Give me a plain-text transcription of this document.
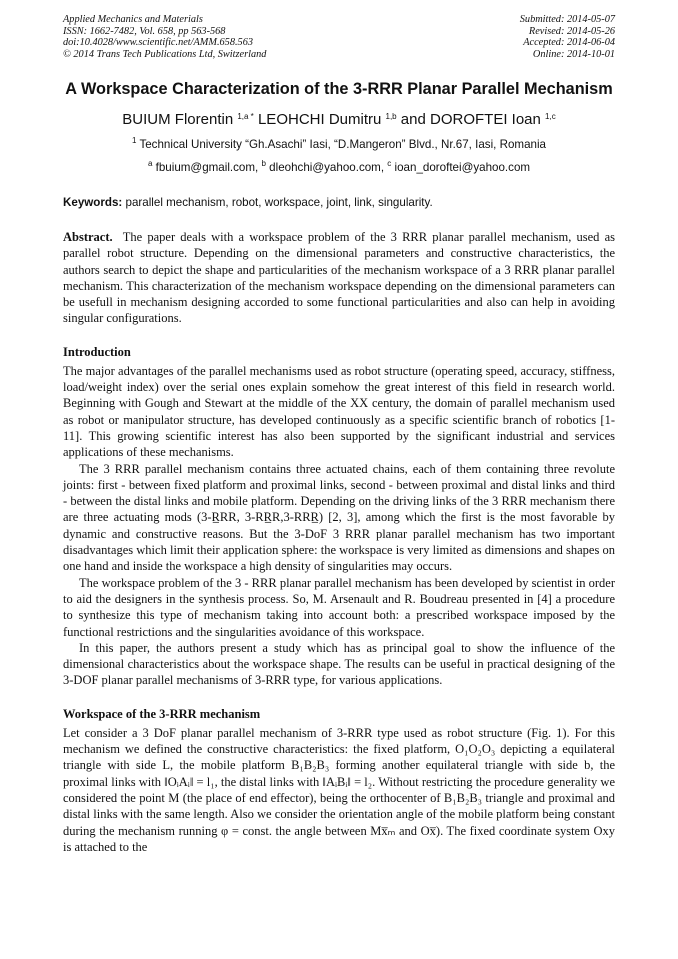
Applied Mechanics and Materials
ISSN: 1662-7482, Vol. 658, pp 563-568
doi:10.4028/www.scientific.net/AMM.658.563
© 2014 Trans Tech Publications Ltd, Switzerland
Submitted: 2014-05-07
Revised: 2014-05-26
Accepted: 2014-06-04
Online: 2014-10-01
A Workspace Characterization of the 3-RRR Planar Parallel Mechanism
BUIUM Florentin $^{1,a *}$ LEOHCHI Dumitru $^{1,b}$ and DOROFTEI Ioan $^{1,c}$
$^1$ Technical University “Gh.Asachi” Iasi, “D.Mangeron” Blvd., Nr.67, Iasi, Romania
$^a$ fbuium@gmail.com, $^b$ dleohchi@yahoo.com, $^c$ ioan_doroftei@yahoo.com
Keywords: parallel mechanism, robot, workspace, joint, link, singularity.

Abstract. The paper deals with a workspace problem of the 3 RRR planar parallel mechanism, used as parallel robot structure. Depending on the dimensional parameters and constructive characteristics, the authors search to depict the shape and particularities of the mechanism workspace of a 3 RRR planar parallel mechanism. This characterization of the mechanism workspace depending on the dimensional parameters can be usefull in mechanism designing accorded to some functional particularities and also can help in avoiding singular configurations.

Introduction

The major advantages of the parallel mechanisms used as robot structure (operating speed, accuracy, stiffness, load/weight index) over the serial ones explain somehow the great interest of this field in research world. Beginning with Gough and Stewart at the middle of the XX century, the domain of parallel mechanism used as robot or manipulator structure, has developed continuously as a specific scientific branch of robotics [1-11]. This growing scientific interest has also been supported by the significant industrial and services applications of these mechanisms.

The 3 RRR parallel mechanism contains three actuated chains, each of them containing three revolute joints: first - between fixed platform and proximal links, second - between proximal and distal links and third - between the distal links and mobile platform. Depending on the driving links of the 3 RRR mechanism there are three actuating mods (3-R̲RR, 3-RR̲R,3-RRR̲) [2, 3], among which the first is the most favorable by dynamic and constructive reasons. But the 3-DoF 3 RRR planar parallel mechanism has two important disadvantages which limit their application sphere: the workspace is very limited as dimensions and shapes on one hand and inside the workspace a high density of singularities may occurs.

The workspace problem of the 3 - RRR planar parallel mechanism has been developed by scientist in order to aid the designers in the synthesis process. So, M. Arsenault and R. Boudreau presented in [4] a procedure to synthesize this type of mechanism taking into account both: a prescribed workspace imposed by the functional restrictions and the singularities avoidance of this workspace.

In this paper, the authors present a study which has as principal goal to show the influence of the dimensional characteristics about the workspace shape. The results can be useful in practical designing of the 3-DOF planar parallel mechanisms of 3-RRR type, for various applications.

Workspace of the 3-RRR mechanism

Let consider a 3 DoF planar parallel mechanism of 3-RRR type used as robot structure (Fig. 1). For this mechanism we defined the constructive characteristics: the fixed platform, O₁O₂O₃ depicting a equilateral triangle with side L, the mobile platform B₁B₂B₃ forming another equilateral triangle with side b, the proximal links with ‖OᵢAᵢ‖ = l₁, the distal links with ‖AᵢBᵢ‖ = l₂. Without restricting the procedure generality we considered the point M (the place of end effector), being the orthocenter of B₁B₂B₃ triangle and proximal and distal links with the same length. Also we consider the orientation angle of the mobile platform being constant during the mechanism running φ = const. the angle between Mx̅ₘ and Ox̅). The fixed coordinate system Oxy is attached to the
